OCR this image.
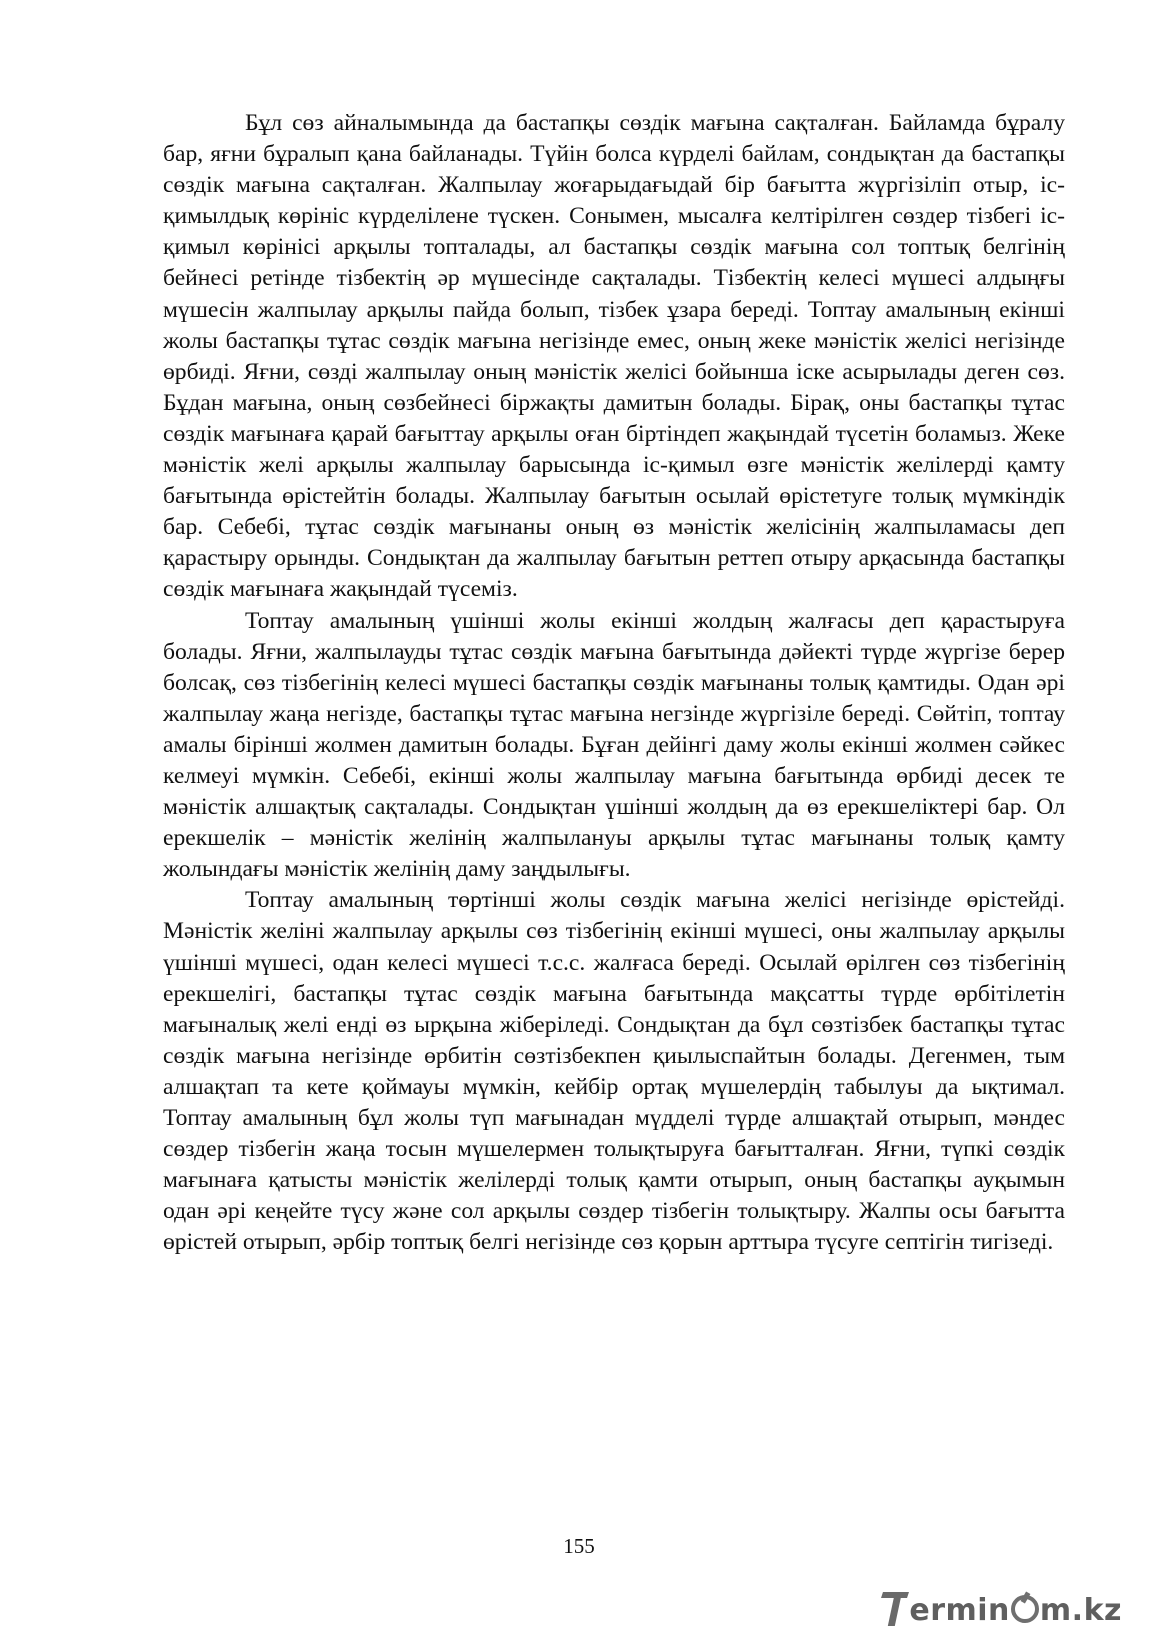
Бұл сөз айналымында да бастапқы сөздік мағына сақталған. Байламда бұралу бар, яғни бұралып қана байланады. Түйін болса күрделі байлам, сондықтан да бастапқы сөздік мағына сақталған. Жалпылау жоғарыдағыдай бір бағытта жүргізіліп отыр, іс-қимылдық көрініс күрделілене түскен. Сонымен, мысалға келтірілген сөздер тізбегі іс-қимыл көрінісі арқылы топталады, ал бастапқы сөздік мағына сол топтық белгінің бейнесі ретінде тізбектің әр мүшесінде сақталады. Тізбектің келесі мүшесі алдыңғы мүшесін жалпылау арқылы пайда болып, тізбек ұзара береді. Топтау амалының екінші жолы бастапқы тұтас сөздік мағына негізінде емес, оның жеке мәністік желісі негізінде өрбиді. Яғни, сөзді жалпылау оның мәністік желісі бойынша іске асырылады деген сөз. Бұдан мағына, оның сөзбейнесі біржақты дамитын болады. Бірақ, оны бастапқы тұтас сөздік мағынаға қарай бағыттау арқылы оған біртіндеп жақындай түсетін боламыз. Жеке мәністік желі арқылы жалпылау барысында іс-қимыл өзге мәністік желілерді қамту бағытында өрістейтін болады. Жалпылау бағытын осылай өрістетуге толық мүмкіндік бар. Себебі, тұтас сөздік мағынаны оның өз мәністік желісінің жалпыламасы деп қарастыру орынды. Сондықтан да жалпылау бағытын реттеп отыру арқасында бастапқы сөздік мағынаға жақындай түсеміз.

Топтау амалының үшінші жолы екінші жолдың жалғасы деп қарастыруға болады. Яғни, жалпылауды тұтас сөздік мағына бағытында дәйекті түрде жүргізе берер болсақ, сөз тізбегінің келесі мүшесі бастапқы сөздік мағынаны толық қамтиды. Одан әрі жалпылау жаңа негізде, бастапқы тұтас мағына негзінде жүргізіле береді. Сөйтіп, топтау амалы бірінші жолмен дамитын болады. Бұған дейінгі даму жолы екінші жолмен сәйкес келмеуі мүмкін. Себебі, екінші жолы жалпылау мағына бағытында өрбиді десек те мәністік алшақтық сақталады. Сондықтан үшінші жолдың да өз ерекшеліктері бар. Ол ерекшелік – мәністік желінің жалпылануы арқылы тұтас мағынаны толық қамту жолындағы мәністік желінің даму заңдылығы.

Топтау амалының төртінші жолы сөздік мағына желісі негізінде өрістейді. Мәністік желіні жалпылау арқылы сөз тізбегінің екінші мүшесі, оны жалпылау арқылы үшінші мүшесі, одан келесі мүшесі т.с.с. жалғаса береді. Осылай өрілген сөз тізбегінің ерекшелігі, бастапқы тұтас сөздік мағына бағытында мақсатты түрде өрбітілетін мағыналық желі енді өз ырқына жіберіледі. Сондықтан да бұл сөзтізбек бастапқы тұтас сөздік мағына негізінде өрбитін сөзтізбекпен қиылыспайтын болады. Дегенмен, тым алшақтап та кете қоймауы мүмкін, кейбір ортақ мүшелердің табылуы да ықтимал. Топтау амалының бұл жолы түп мағынадан мүдделі түрде алшақтай отырып, мәндес сөздер тізбегін жаңа тосын мүшелермен толықтыруға бағытталған. Яғни, түпкі сөздік мағынаға қатысты мәністік желілерді толық қамти отырып, оның бастапқы ауқымын одан әрі кеңейте түсу және сол арқылы сөздер тізбегін толықтыру. Жалпы осы бағытта өрістей отырып, әрбір топтық белгі негізінде сөз қорын арттыра түсуге септігін тигізеді.

155
ermin m.kz
